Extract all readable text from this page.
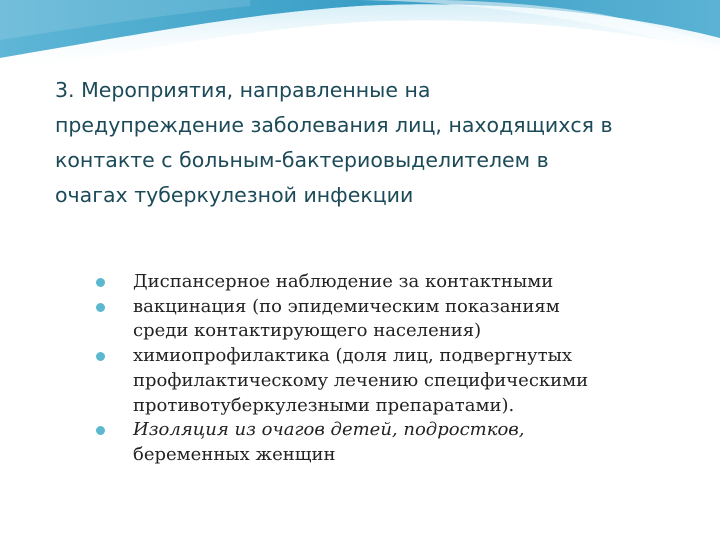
3. Мероприятия, направленные на
предупреждение заболевания лиц, находящихся в
контакте с больным-бактериовыделителем в
очагах туберкулезной инфекции
Диспансерное наблюдение за контактными
вакцинация (по эпидемическим показаниям
среди контактирующего населения)
химиопрофилактика (доля лиц, подвергнутых
профилактическому лечению специфическими
противотуберкулезными препаратами).
Изоляция из очагов детей, подростков,
беременных женщин
